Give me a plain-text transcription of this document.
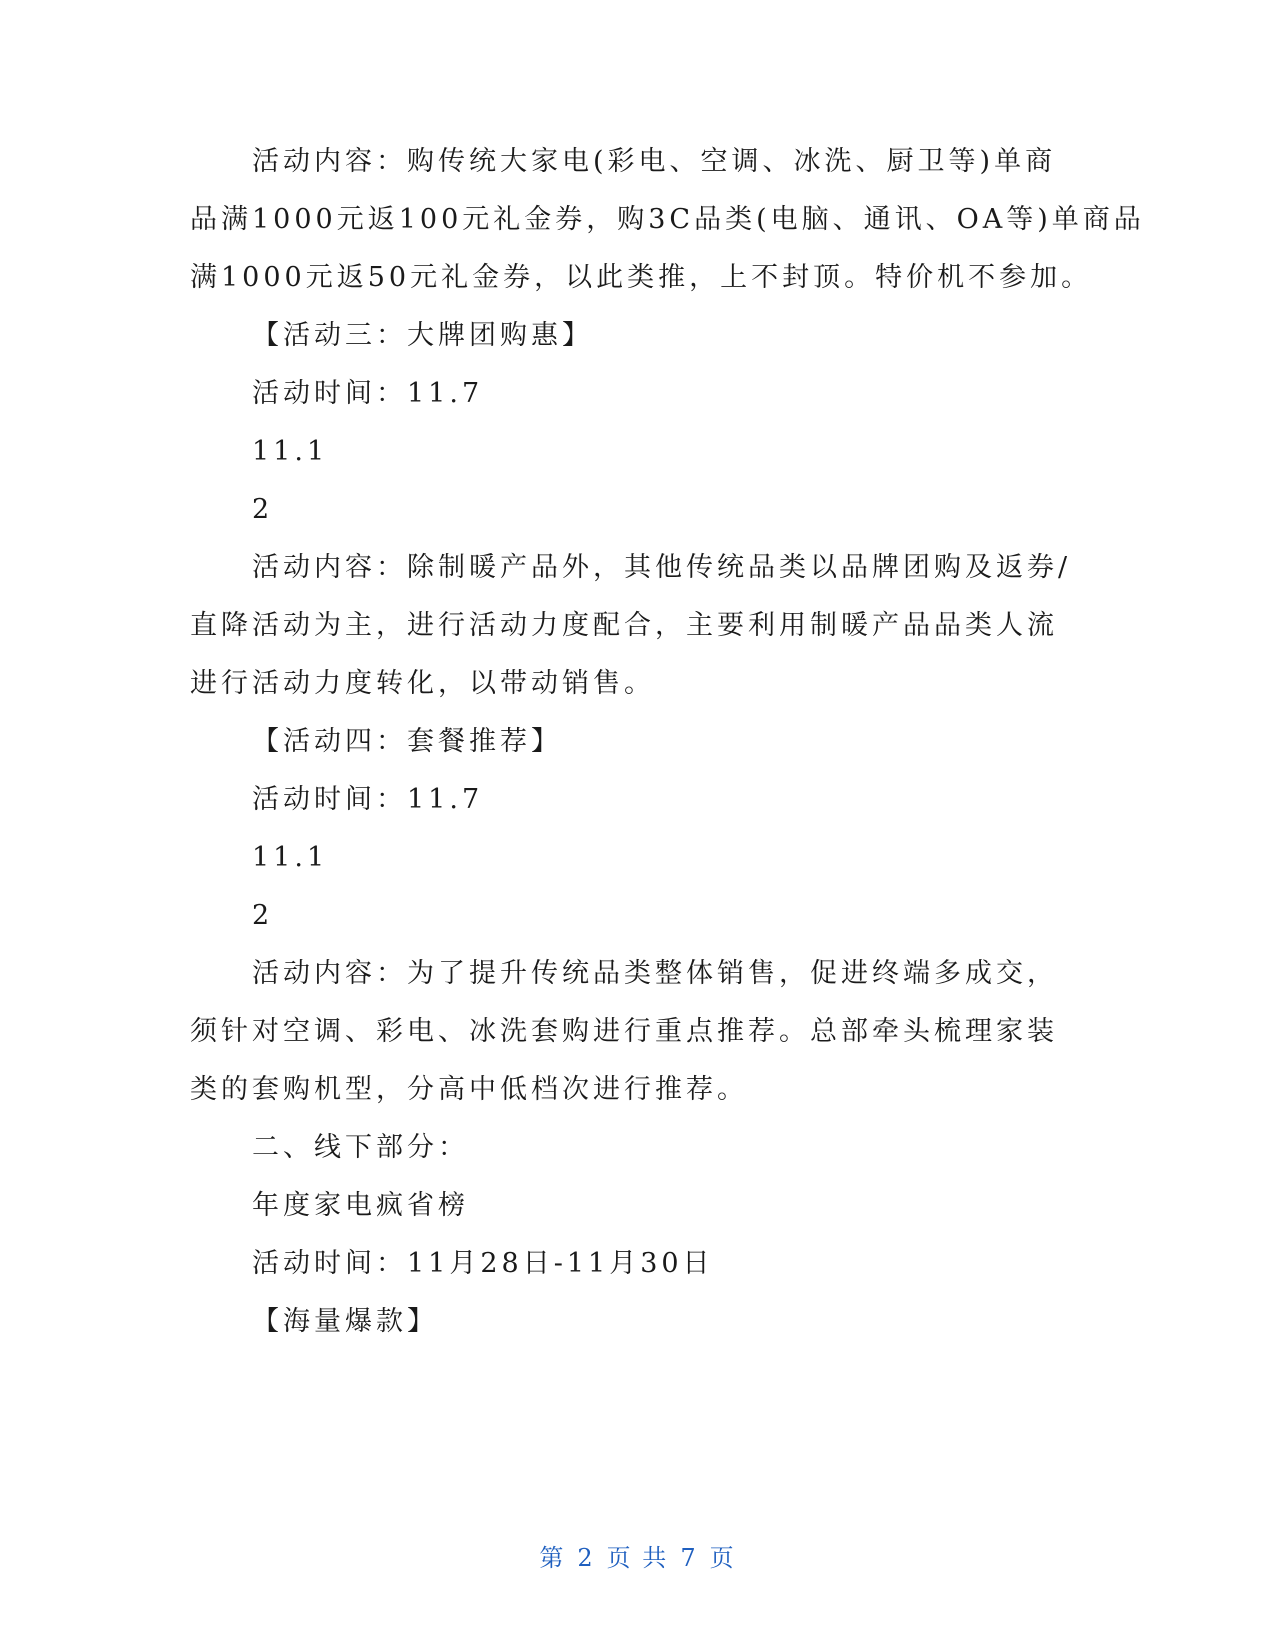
活动内容：购传统大家电(彩电、空调、冰洗、厨卫等)单商
品满1000元返100元礼金券，购3C品类(电脑、通讯、OA等)单商品
满1000元返50元礼金券，以此类推，上不封顶。特价机不参加。
【活动三：大牌团购惠】
活动时间：11.7
11.1
2
活动内容：除制暖产品外，其他传统品类以品牌团购及返券/
直降活动为主，进行活动力度配合，主要利用制暖产品品类人流
进行活动力度转化，以带动销售。
【活动四：套餐推荐】
活动时间：11.7
11.1
2
活动内容：为了提升传统品类整体销售，促进终端多成交，
须针对空调、彩电、冰洗套购进行重点推荐。总部牵头梳理家装
类的套购机型，分高中低档次进行推荐。
二、线下部分：
年度家电疯省榜
活动时间：11月28日-11月30日
【海量爆款】
第 2 页 共 7 页
